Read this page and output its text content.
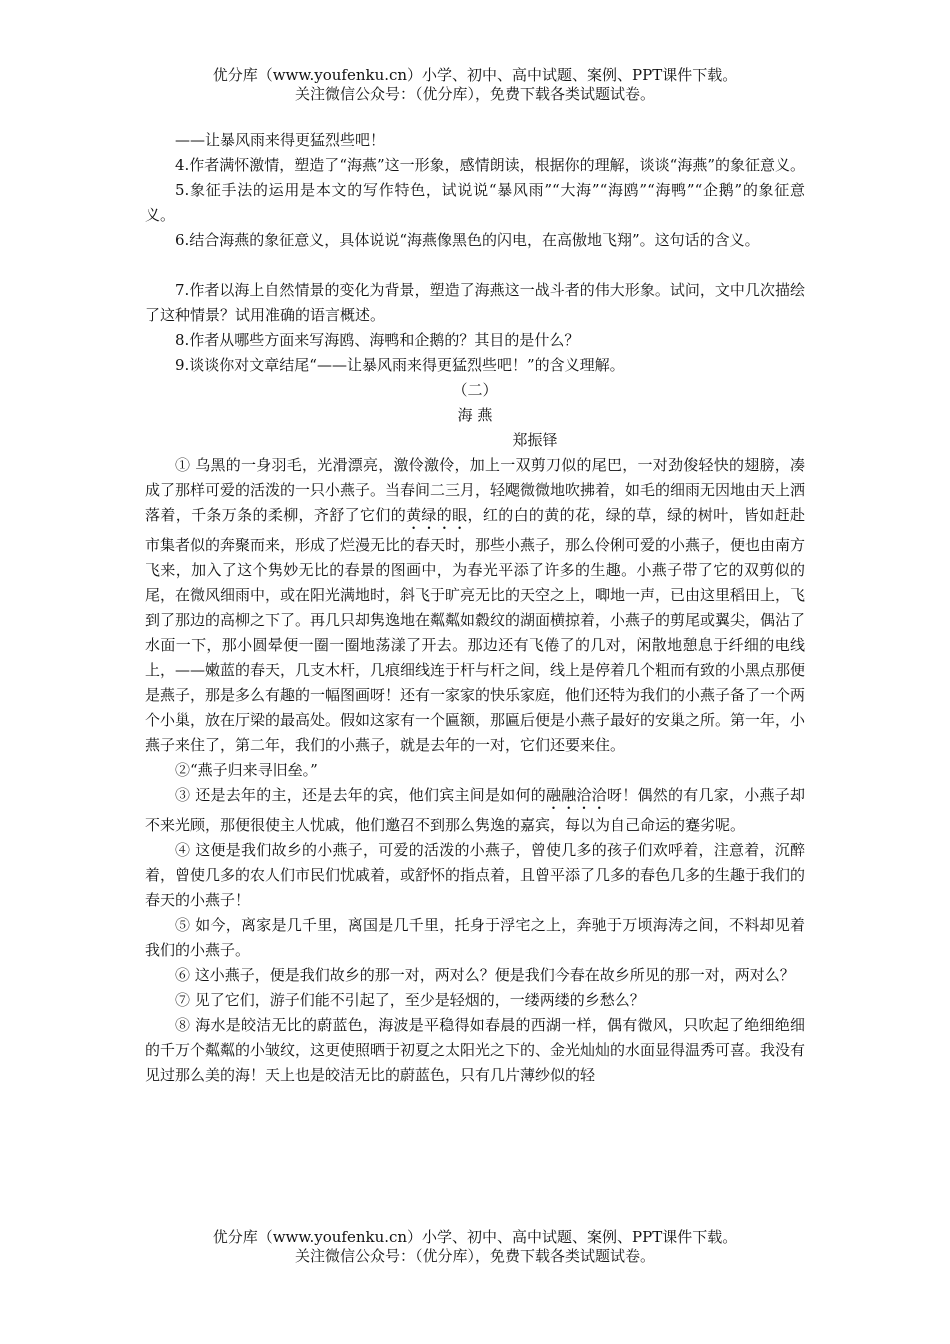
优分库（www.youfenku.cn）小学、初中、高中试题、案例、PPT课件下载。
关注微信公众号：（优分库），免费下载各类试题试卷。

——让暴风雨来得更猛烈些吧！

4.作者满怀激情，塑造了“海燕”这一形象，感情朗读，根据你的理解，谈谈“海燕”的象征意义。

5.象征手法的运用是本文的写作特色，试说说“暴风雨”“大海”“海鸥”“海鸭”“企鹅”的象征意义。

6.结合海燕的象征意义，具体说说“海燕像黑色的闪电，在高傲地飞翔”。这句话的含义。

7.作者以海上自然情景的变化为背景，塑造了海燕这一战斗者的伟大形象。试问，文中几次描绘了这种情景？试用准确的语言概述。

8.作者从哪些方面来写海鸥、海鸭和企鹅的？其目的是什么？

9.谈谈你对文章结尾“——让暴风雨来得更猛烈些吧！”的含义理解。

（二）

海 燕

郑振铎

① 乌黑的一身羽毛，光滑漂亮，激伶激伶，加上一双剪刀似的尾巴，一对劲俊轻快的翅膀，凑成了那样可爱的活泼的一只小燕子。当春间二三月，轻飔微微地吹拂着，如毛的细雨无因地由天上洒落着，千条万条的柔柳，齐舒了它们的黄绿的眼，红的白的黄的花，绿的草，绿的树叶，皆如赶赴市集者似的奔聚而来，形成了烂漫无比的春天时，那些小燕子，那么伶俐可爱的小燕子，便也由南方飞来，加入了这个隽妙无比的春景的图画中，为春光平添了许多的生趣。小燕子带了它的双剪似的尾，在微风细雨中，或在阳光满地时，斜飞于旷亮无比的天空之上，唧地一声，已由这里稻田上，飞到了那边的高柳之下了。再几只却隽逸地在粼粼如縠纹的湖面横掠着，小燕子的剪尾或翼尖，偶沾了水面一下，那小圆晕便一圈一圈地荡漾了开去。那边还有飞倦了的几对，闲散地憩息于纤细的电线上，——嫩蓝的春天，几支木杆，几痕细线连于杆与杆之间，线上是停着几个粗而有致的小黑点那便是燕子，那是多么有趣的一幅图画呀！还有一家家的快乐家庭，他们还特为我们的小燕子备了一个两个小巢，放在厅梁的最高处。假如这家有一个匾额，那匾后便是小燕子最好的安巢之所。第一年，小燕子来住了，第二年，我们的小燕子，就是去年的一对，它们还要来住。

②“燕子归来寻旧垒。”

③ 还是去年的主，还是去年的宾，他们宾主间是如何的融融洽洽呀！偶然的有几家，小燕子却不来光顾，那便很使主人忧戚，他们邀召不到那么隽逸的嘉宾，每以为自己命运的蹇劣呢。

④ 这便是我们故乡的小燕子，可爱的活泼的小燕子，曾使几多的孩子们欢呼着，注意着，沉醉着，曾使几多的农人们市民们忧戚着，或舒怀的指点着，且曾平添了几多的春色几多的生趣于我们的春天的小燕子！

⑤ 如今，离家是几千里，离国是几千里，托身于浮宅之上，奔驰于万顷海涛之间，不料却见着我们的小燕子。

⑥ 这小燕子，便是我们故乡的那一对，两对么？便是我们今春在故乡所见的那一对，两对么？

⑦ 见了它们，游子们能不引起了，至少是轻烟的，一缕两缕的乡愁么？

⑧ 海水是皎洁无比的蔚蓝色，海波是平稳得如春晨的西湖一样，偶有微风，只吹起了绝细绝细的千万个粼粼的小皱纹，这更使照晒于初夏之太阳光之下的、金光灿灿的水面显得温秀可喜。我没有见过那么美的海！天上也是皎洁无比的蔚蓝色，只有几片薄纱似的轻

优分库（www.youfenku.cn）小学、初中、高中试题、案例、PPT课件下载。
关注微信公众号：（优分库），免费下载各类试题试卷。
